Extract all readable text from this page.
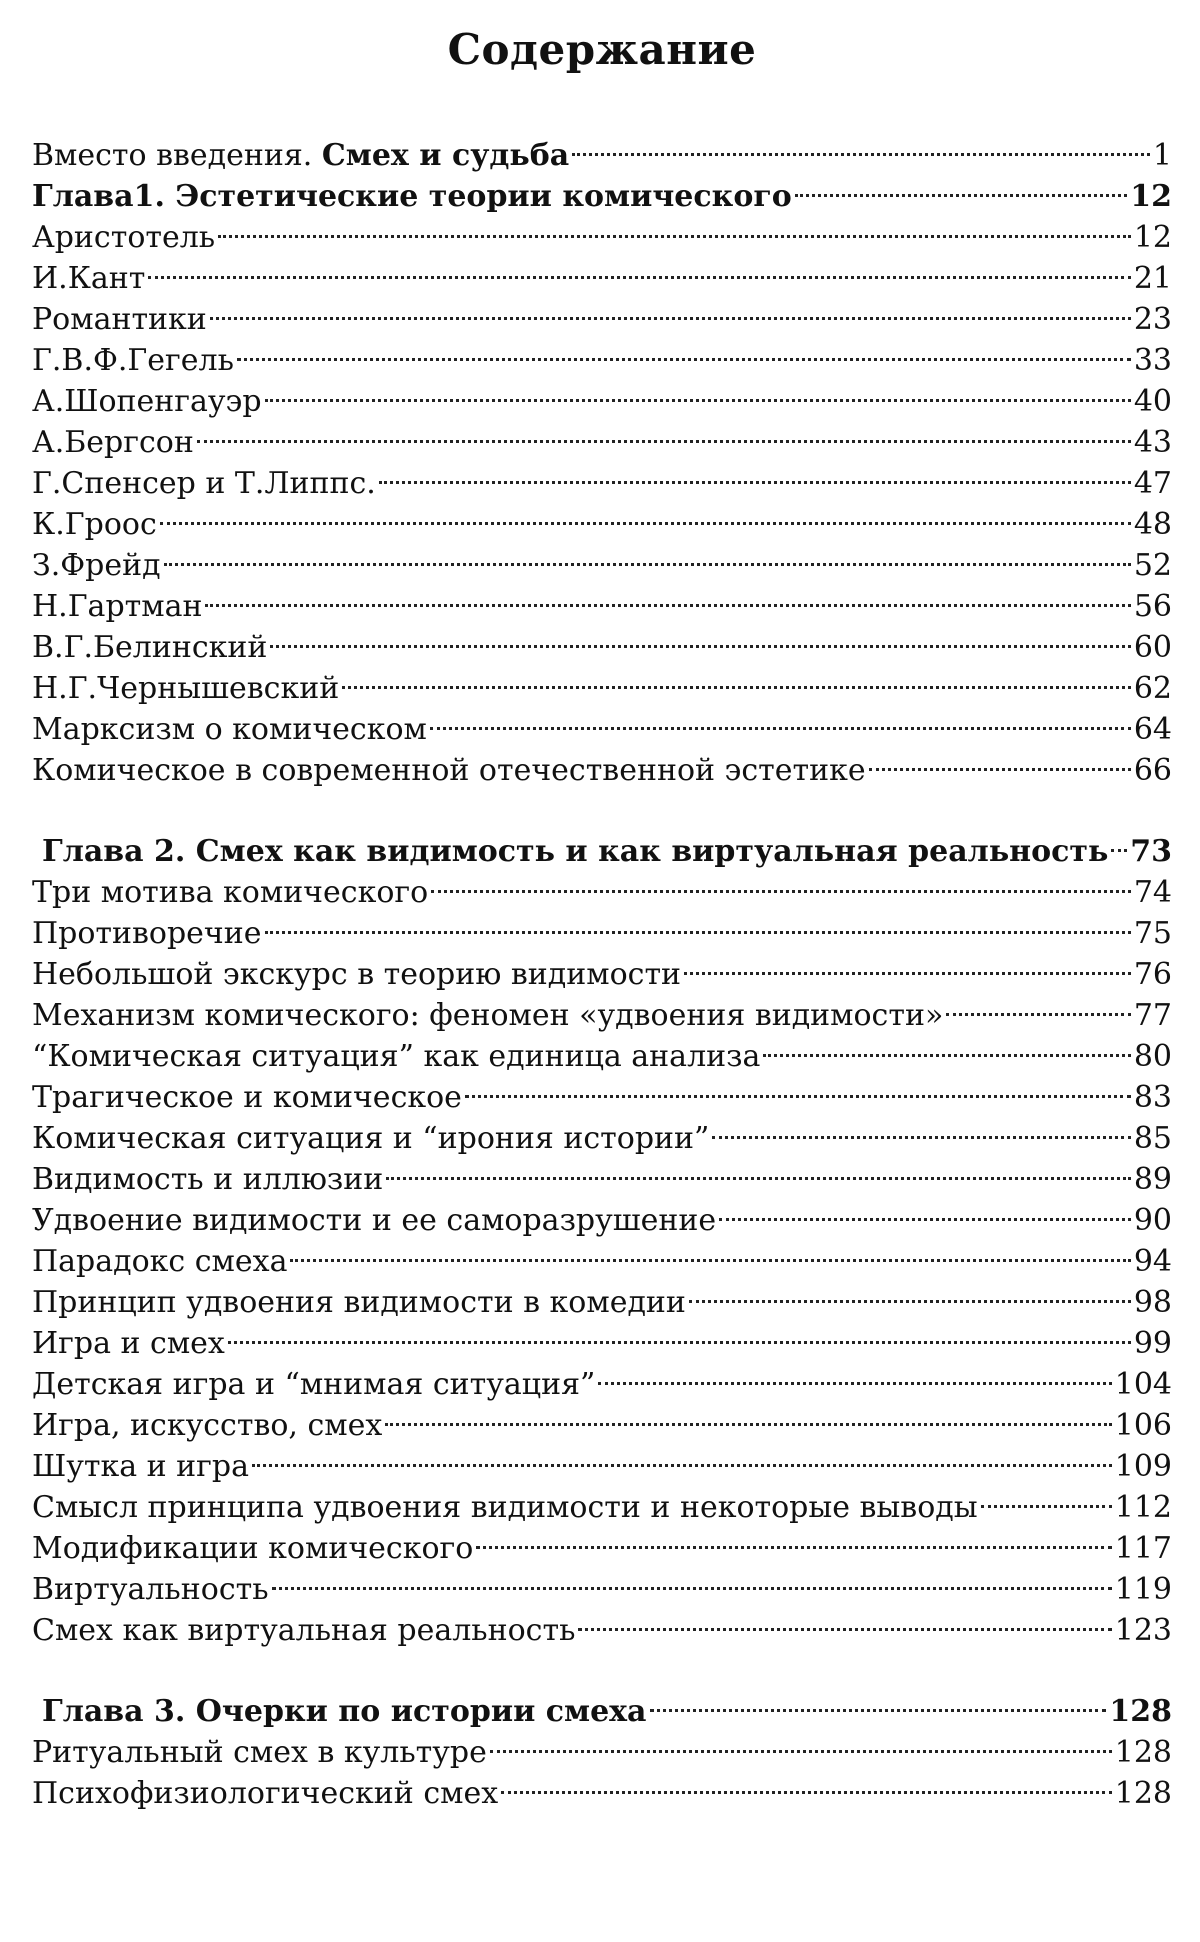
Содержание
Вместо введения. Смех и судьба	1
Глава1. Эстетические теории комического	12
Аристотель	12
И.Кант	21
Романтики	23
Г.В.Ф.Гегель	33
А.Шопенгауэр	40
А.Бергсон	43
Г.Спенсер и Т.Липпс.	47
К.Гроос	48
З.Фрейд	52
Н.Гартман	56
В.Г.Белинский	60
Н.Г.Чернышевский	62
Марксизм о комическом	64
Комическое в современной отечественной эстетике	66
Глава 2. Смех как видимость и как виртуальная реальность 73
Три мотива комического	74
Противоречие	75
Небольшой экскурс в теорию видимости	76
Механизм комического: феномен «удвоения видимости»	77
“Комическая ситуация” как единица анализа	80
Трагическое и комическое	83
Комическая ситуация и “ирония истории”	85
Видимость и иллюзии	89
Удвоение видимости и ее саморазрушение	90
Парадокс смеха	94
Принцип удвоения видимости в комедии	98
Игра и смех	99
Детская игра и “мнимая ситуация”	104
Игра, искусство, смех	106
Шутка и игра	109
Смысл принципа удвоения видимости и некоторые выводы	112
Модификации комического	117
Виртуальность	119
Смех как виртуальная реальность	123
Глава 3. Очерки по истории смеха	128
Ритуальный смех в культуре	128
Психофизиологический смех	128
